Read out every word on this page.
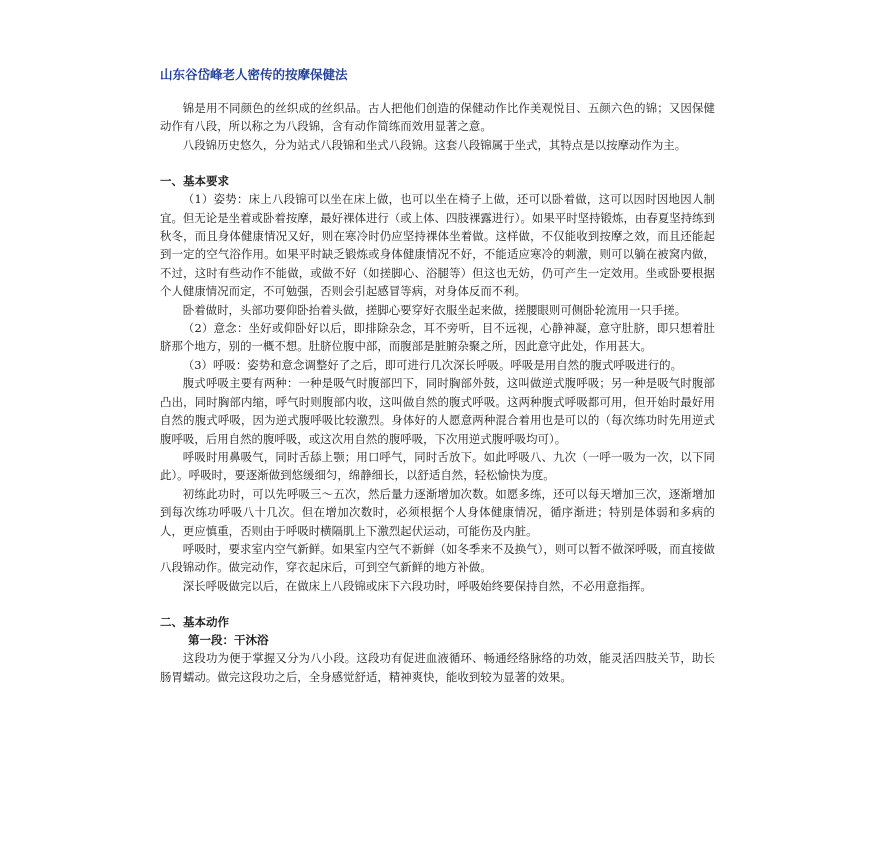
山东谷岱峰老人密传的按摩保健法

锦是用不同颜色的丝织成的丝织品。古人把他们创造的保健动作比作美观悦目、五颜六色的锦；又因保健动作有八段，所以称之为八段锦，含有动作简练而效用显著之意。

八段锦历史悠久，分为站式八段锦和坐式八段锦。这套八段锦属于坐式，其特点是以按摩动作为主。

一、基本要求

（1）姿势：床上八段锦可以坐在床上做，也可以坐在椅子上做，还可以卧着做，这可以因时因地因人制宜。但无论是坐着或卧着按摩，最好裸体进行（或上体、四肢裸露进行）。如果平时坚持锻炼，由春夏坚持练到秋冬，而且身体健康情况又好，则在寒冷时仍应坚持裸体坐着做。这样做，不仅能收到按摩之效，而且还能起到一定的空气浴作用。如果平时缺乏锻炼或身体健康情况不好，不能适应寒冷的刺激，则可以躺在被窝内做，不过，这时有些动作不能做，或做不好（如搓脚心、浴腿等）但这也无妨，仍可产生一定效用。坐或卧要根据个人健康情况而定，不可勉强，否则会引起感冒等病，对身体反而不利。

卧着做时，头部功要仰卧抬着头做，搓脚心要穿好衣服坐起来做，搓腰眼则可侧卧轮流用一只手搓。

（2）意念：坐好或仰卧好以后，即排除杂念，耳不旁听，目不远视，心静神凝，意守肚脐，即只想着肚脐那个地方，别的一概不想。肚脐位腹中部，而腹部是脏腑杂聚之所，因此意守此处，作用甚大。

（3）呼吸：姿势和意念调整好了之后，即可进行几次深长呼吸。呼吸是用自然的腹式呼吸进行的。

腹式呼吸主要有两种：一种是吸气时腹部凹下，同时胸部外鼓，这叫做逆式腹呼吸；另一种是吸气时腹部凸出，同时胸部内缩，呼气时则腹部内收，这叫做自然的腹式呼吸。这两种腹式呼吸都可用，但开始时最好用自然的腹式呼吸，因为逆式腹呼吸比较激烈。身体好的人愿意两种混合着用也是可以的（每次练功时先用逆式腹呼吸，后用自然的腹呼吸，或这次用自然的腹呼吸，下次用逆式腹呼吸均可）。

呼吸时用鼻吸气，同时舌舔上颚；用口呼气，同时舌放下。如此呼吸八、九次（一呼一吸为一次，以下同此）。呼吸时，要逐渐做到悠缓细匀，绵静细长，以舒适自然，轻松愉快为度。

初练此功时，可以先呼吸三～五次，然后量力逐渐增加次数。如愿多练，还可以每天增加三次，逐渐增加到每次练功呼吸八十几次。但在增加次数时，必须根据个人身体健康情况，循序渐进；特别是体弱和多病的人，更应慎重，否则由于呼吸时横隔肌上下激烈起伏运动，可能伤及内脏。

呼吸时，要求室内空气新鲜。如果室内空气不新鲜（如冬季来不及换气），则可以暂不做深呼吸，而直接做八段锦动作。做完动作，穿衣起床后，可到空气新鲜的地方补做。

深长呼吸做完以后，在做床上八段锦或床下六段功时，呼吸始终要保持自然，不必用意指挥。

二、基本动作
第一段：干沐浴

这段功为便于掌握又分为八小段。这段功有促进血液循环、畅通经络脉络的功效，能灵活四肢关节，助长肠胃蠕动。做完这段功之后，全身感觉舒适，精神爽快，能收到较为显著的效果。
